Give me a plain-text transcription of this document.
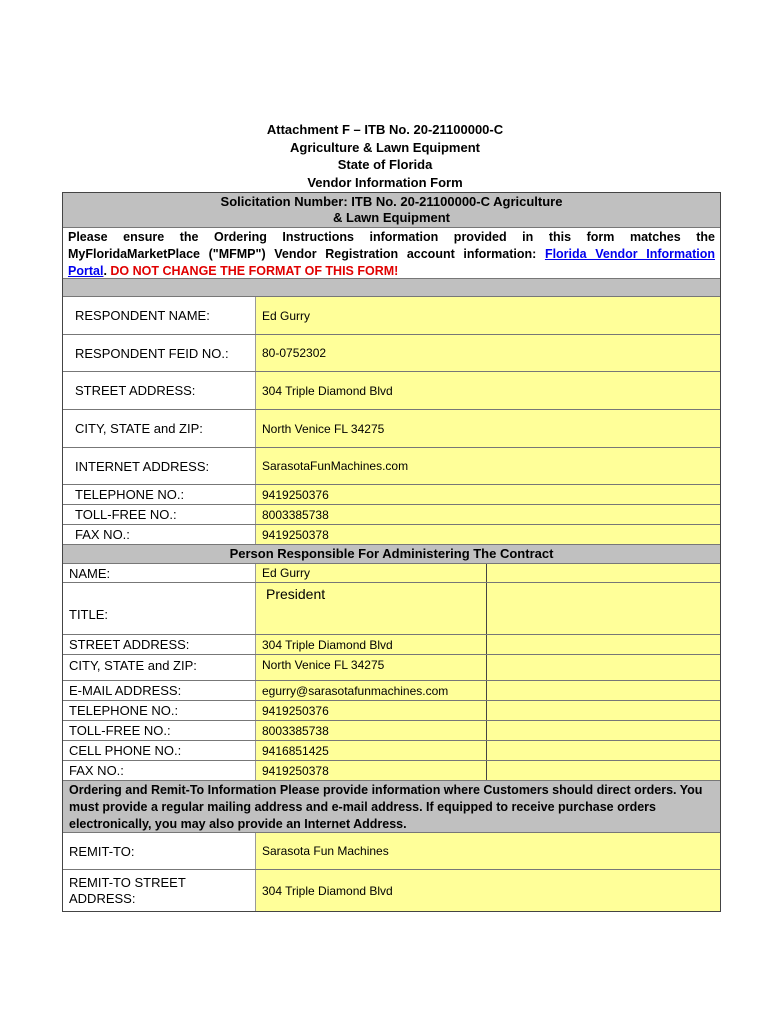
Attachment F – ITB No. 20-21100000-C
Agriculture & Lawn Equipment
State of Florida
Vendor Information Form
Solicitation Number: ITB No. 20-21100000-C Agriculture
& Lawn Equipment
Please ensure the Ordering Instructions information provided in this form matches the MyFloridaMarketPlace ("MFMP") Vendor Registration account information: Florida Vendor Information Portal. DO NOT CHANGE THE FORMAT OF THIS FORM!
RESPONDENT NAME:	Ed Gurry
RESPONDENT FEID NO.:	80-0752302
STREET ADDRESS:	304 Triple Diamond Blvd
CITY, STATE and ZIP:	North Venice FL 34275
INTERNET ADDRESS:	SarasotaFunMachines.com
TELEPHONE NO.:	9419250376
TOLL-FREE NO.:	8003385738
FAX NO.:	9419250378
Person Responsible For Administering The Contract
NAME:	Ed Gurry
TITLE:
President
STREET ADDRESS:	304 Triple Diamond Blvd
CITY, STATE and ZIP:	North Venice FL 34275
E-MAIL ADDRESS:	egurry@sarasotafunmachines.com
TELEPHONE NO.:	9419250376
TOLL-FREE NO.:	8003385738
CELL PHONE NO.:	9416851425
FAX NO.:	9419250378
Ordering and Remit-To Information Please provide information where Customers should direct orders. You must provide a regular mailing address and e-mail address. If equipped to receive purchase orders electronically, you may also provide an Internet Address.
REMIT-TO:	Sarasota Fun Machines
REMIT-TO STREET
ADDRESS:	304 Triple Diamond Blvd
